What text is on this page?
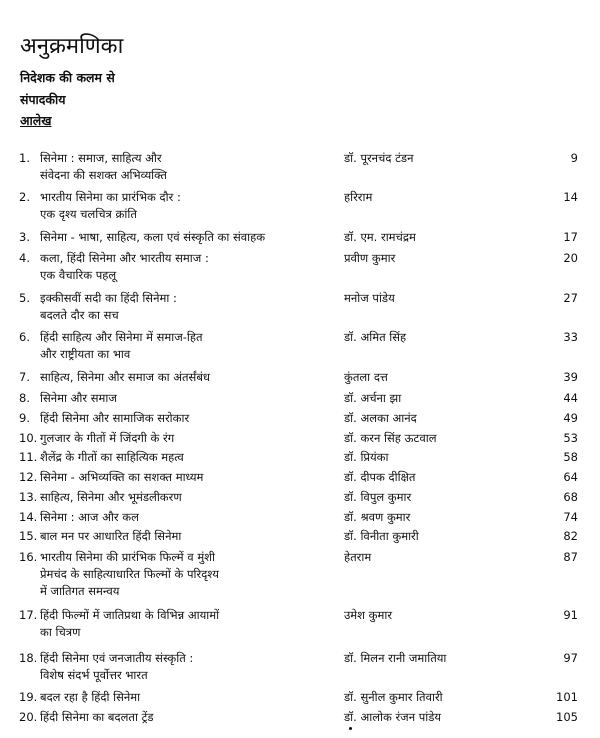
अनुक्रमणिका
निदेशक की कलम से
संपादकीय
आलेख
1. सिनेमा : समाज, साहित्य और
संवेदना की सशक्त अभिव्यक्ति
डॉ. पूरनचंद टंडन	9
2. भारतीय सिनेमा का प्रारंभिक दौर :
एक दृश्य चलचित्र क्रांति
हरिराम	14
3. सिनेमा - भाषा, साहित्य, कला एवं संस्कृति का संवाहक	डॉ. एम. रामचंद्रम	17
4. कला, हिंदी सिनेमा और भारतीय समाज :
एक वैचारिक पहलू
प्रवीण कुमार	20
5. इक्कीसवीं सदी का हिंदी सिनेमा :
बदलते दौर का सच
मनोज पांडेय	27
6. हिंदी साहित्य और सिनेमा में समाज-हित
और राष्ट्रीयता का भाव
डॉ. अमित सिंह	33
7. साहित्य, सिनेमा और समाज का अंतर्संबंध	कुंतला दत्त	39
8. सिनेमा और समाज	डॉ. अर्चना झा	44
9. हिंदी सिनेमा और सामाजिक सरोकार	डॉ. अलका आनंद	49
10. गुलजार के गीतों में जिंदगी के रंग	डॉ. करन सिंह ऊटवाल	53
11. शैलेंद्र के गीतों का साहित्यिक महत्व	डॉ. प्रियंका	58
12. सिनेमा - अभिव्यक्ति का सशक्त माध्यम	डॉ. दीपक दीक्षित	64
13. साहित्य, सिनेमा और भूमंडलीकरण	डॉ. विपुल कुमार	68
14. सिनेमा : आज और कल	डॉ. श्रवण कुमार	74
15. बाल मन पर आधारित हिंदी सिनेमा	डॉ. विनीता कुमारी	82
16. भारतीय सिनेमा की प्रारंभिक फिल्में व मुंशी
प्रेमचंद के साहित्याधारित फिल्मों के परिदृश्य
में जातिगत समन्वय
हेतराम	87
17. हिंदी फिल्मों में जातिप्रथा के विभिन्न आयामों
का चित्रण
उमेश कुमार	91
18. हिंदी सिनेमा एवं जनजातीय संस्कृति :
विशेष संदर्भ पूर्वोत्तर भारत
डॉ. मिलन रानी जमातिया	97
19. बदल रहा है हिंदी सिनेमा	डॉ. सुनील कुमार तिवारी	101
20. हिंदी सिनेमा का बदलता ट्रेंड	डॉ. आलोक रंजन पांडेय	105
